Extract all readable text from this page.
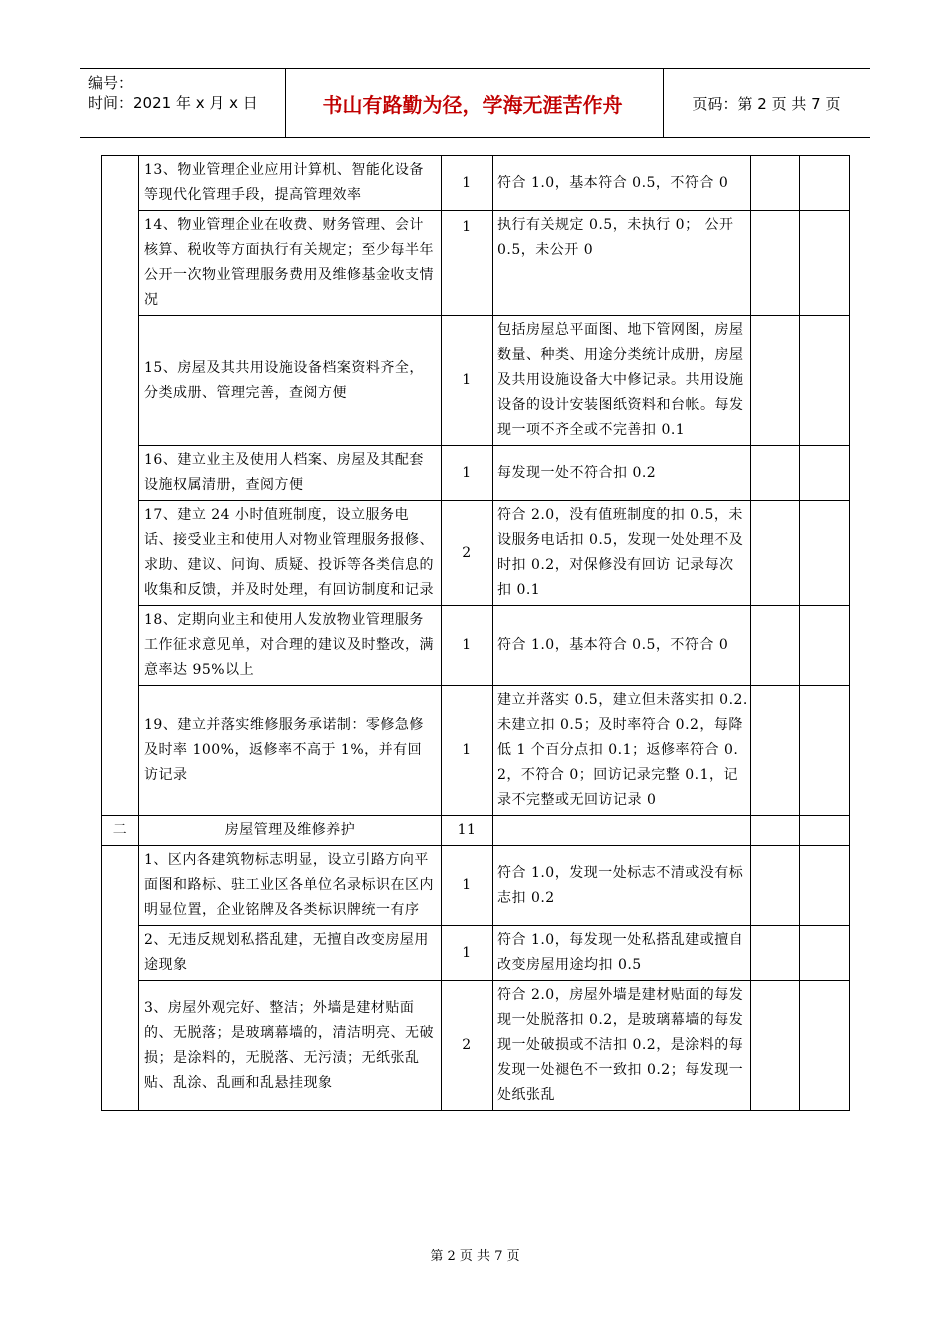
编号：
时间：2021 年 x 月 x 日	书山有路勤为径，学海无涯苦作舟	页码：第 2 页 共 7 页
	13、物业管理企业应用计算机、智能化设备等现代化管理手段，提高管理效率	1	符合 1.0，基本符合 0.5，不符合 0		
	14、物业管理企业在收费、财务管理、会计核算、税收等方面执行有关规定；至少每半年公开一次物业管理服务费用及维修基金收支情况	1	执行有关规定 0.5，未执行 0； 公开 0.5，未公开 0		
	15、房屋及其共用设施设备档案资料齐全，分类成册、管理完善，查阅方便	1	包括房屋总平面图、地下管网图，房屋数量、种类、用途分类统计成册，房屋及共用设施设备大中修记录。共用设施设备的设计安装图纸资料和台帐。每发现一项不齐全或不完善扣 0.1		
	16、建立业主及使用人档案、房屋及其配套设施权属清册，查阅方便	1	每发现一处不符合扣 0.2		
	17、建立 24 小时值班制度，设立服务电话、接受业主和使用人对物业管理服务报修、求助、建议、问询、质疑、投诉等各类信息的收集和反馈，并及时处理，有回访制度和记录	2	符合 2.0，没有值班制度的扣 0.5，未设服务电话扣 0.5，发现一处处理不及时扣 0.2，对保修没有回访 记录每次扣 0.1		
	18、定期向业主和使用人发放物业管理服务工作征求意见单，对合理的建议及时整改，满意率达 95%以上	1	符合 1.0，基本符合 0.5，不符合 0		
	19、建立并落实维修服务承诺制：零修急修及时率 100%，返修率不高于 1%，并有回访记录	1	建立并落实 0.5，建立但未落实扣 0.2.未建立扣 0.5；及时率符合 0.2，每降低 1 个百分点扣 0.1；返修率符合 0.2，不符合 0；回访记录完整 0.1，记录不完整或无回访记录 0		
二	房屋管理及维修养护	11			
	1、区内各建筑物标志明显，设立引路方向平面图和路标、驻工业区各单位名录标识在区内明显位置，企业铭牌及各类标识牌统一有序	1	符合 1.0，发现一处标志不清或没有标志扣 0.2		
	2、无违反规划私搭乱建，无擅自改变房屋用途现象	1	符合 1.0，每发现一处私搭乱建或擅自改变房屋用途均扣 0.5		
	3、房屋外观完好、整洁；外墙是建材贴面的、无脱落；是玻璃幕墙的，清洁明亮、无破损；是涂料的，无脱落、无污渍；无纸张乱贴、乱涂、乱画和乱悬挂现象	2	符合 2.0，房屋外墙是建材贴面的每发现一处脱落扣 0.2，是玻璃幕墙的每发现一处破损或不洁扣 0.2，是涂料的每发现一处褪色不一致扣 0.2；每发现一处纸张乱		
第 2 页 共 7 页
